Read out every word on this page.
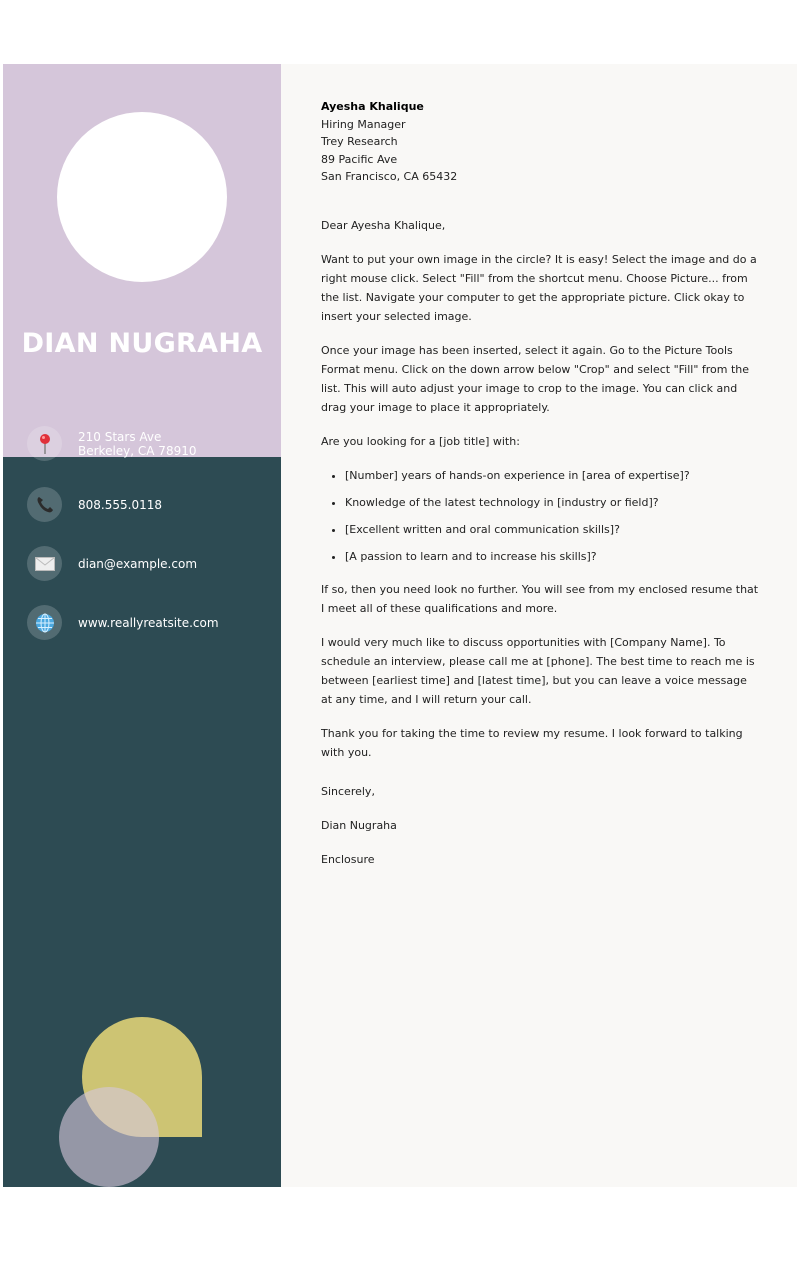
DIAN NUGRAHA
210 Stars Ave
Berkeley, CA 78910
808.555.0118
dian@example.com
www.reallyreatsite.com
Ayesha Khalique
Hiring Manager
Trey Research
89 Pacific Ave
San Francisco, CA 65432

Dear Ayesha Khalique,

Want to put your own image in the circle? It is easy! Select the image and do a right mouse click. Select "Fill" from the shortcut menu. Choose Picture... from the list. Navigate your computer to get the appropriate picture. Click okay to insert your selected image.

Once your image has been inserted, select it again. Go to the Picture Tools Format menu. Click on the down arrow below "Crop" and select "Fill" from the list. This will auto adjust your image to crop to the image. You can click and drag your image to place it appropriately.

Are you looking for a [job title] with:

• [Number] years of hands-on experience in [area of expertise]?
• Knowledge of the latest technology in [industry or field]?
• [Excellent written and oral communication skills]?
• [A passion to learn and to increase his skills]?

If so, then you need look no further. You will see from my enclosed resume that I meet all of these qualifications and more.

I would very much like to discuss opportunities with [Company Name]. To schedule an interview, please call me at [phone]. The best time to reach me is between [earliest time] and [latest time], but you can leave a voice message at any time, and I will return your call.

Thank you for taking the time to review my resume. I look forward to talking with you.

Sincerely,

Dian Nugraha

Enclosure
